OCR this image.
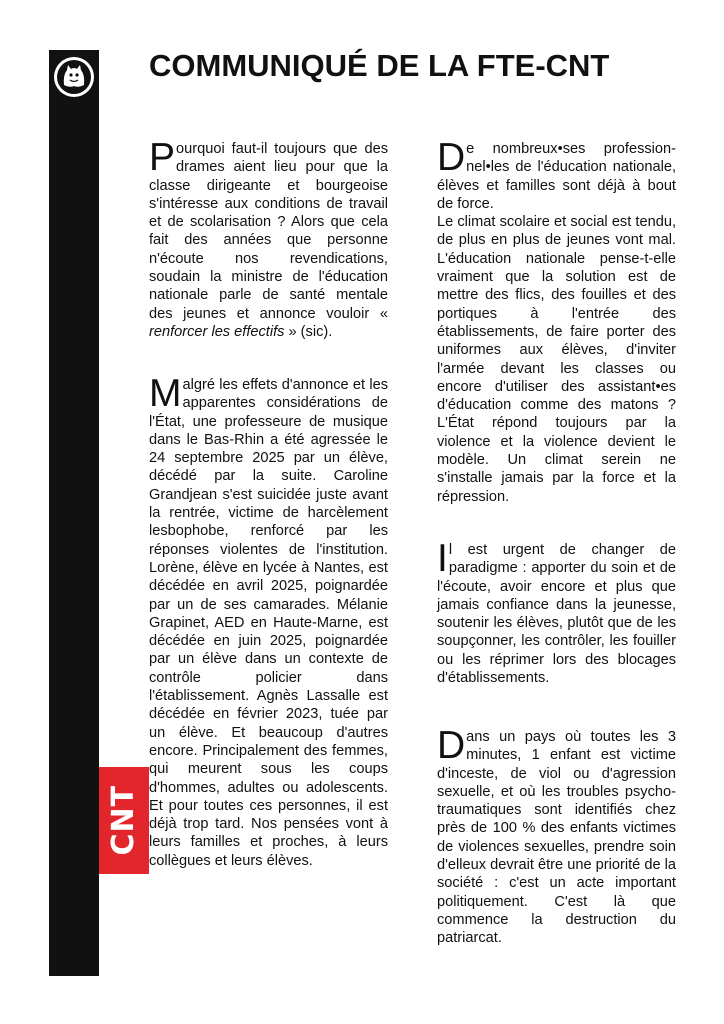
FTE
CNT
FÉDÉRATION DES TRAVAILLEUR·EUSES DE L'ÉDUCATION Contact : fede-educ@cnt-f.org - plus d'infos sur fte.cnt-f.org
COMMUNIQUÉ DE LA FTE-CNT

Pourquoi faut-il toujours que des drames aient lieu pour que la classe dirigeante et bourgeoise s'intéresse aux conditions de travail et de scolarisation ? Alors que cela fait des années que personne n'écoute nos revendications, soudain la ministre de l'éducation nationale parle de santé mentale des jeunes et annonce vouloir « renforcer les effectifs » (sic).

Malgré les effets d'annonce et les apparentes considérations de l'État, une professeure de musique dans le Bas-Rhin a été agressée le 24 septembre 2025 par un élève, décédé par la suite. Caroline Grandjean s'est suicidée juste avant la rentrée, victime de harcèlement lesbophobe, renforcé par les réponses violentes de l'institution. Lorène, élève en lycée à Nantes, est décédée en avril 2025, poignardée par un de ses camarades. Mélanie Grapinet, AED en Haute-Marne, est décédée en juin 2025, poignardée par un élève dans un contexte de contrôle policier dans l'établissement. Agnès Lassalle est décédée en février 2023, tuée par un élève. Et beaucoup d'autres encore. Principalement des femmes, qui meurent sous les coups d'hommes, adultes ou adolescents. Et pour toutes ces personnes, il est déjà trop tard. Nos pensées vont à leurs familles et proches, à leurs collègues et leurs élèves.

De nombreux•ses profession-nel•les de l'éducation nationale, élèves et familles sont déjà à bout de force.

Le climat scolaire et social est tendu, de plus en plus de jeunes vont mal. L'éducation nationale pense-t-elle vraiment que la solution est de mettre des flics, des fouilles et des portiques à l'entrée des établissements, de faire porter des uniformes aux élèves, d'inviter l'armée devant les classes ou encore d'utiliser des assistant•es d'éducation comme des matons ? L'État répond toujours par la violence et la violence devient le modèle. Un climat serein ne s'installe jamais par la force et la répression.

Il est urgent de changer de paradigme : apporter du soin et de l'écoute, avoir encore et plus que jamais confiance dans la jeunesse, soutenir les élèves, plutôt que de les soupçonner, les contrôler, les fouiller ou les réprimer lors des blocages d'établissements.

Dans un pays où toutes les 3 minutes, 1 enfant est victime d'inceste, de viol ou d'agression sexuelle, et où les troubles psycho-traumatiques sont identifiés chez près de 100 % des enfants victimes de violences sexuelles, prendre soin d'elleux devrait être une priorité de la société : c'est un acte important politiquement. C'est là que commence la destruction du patriarcat.
